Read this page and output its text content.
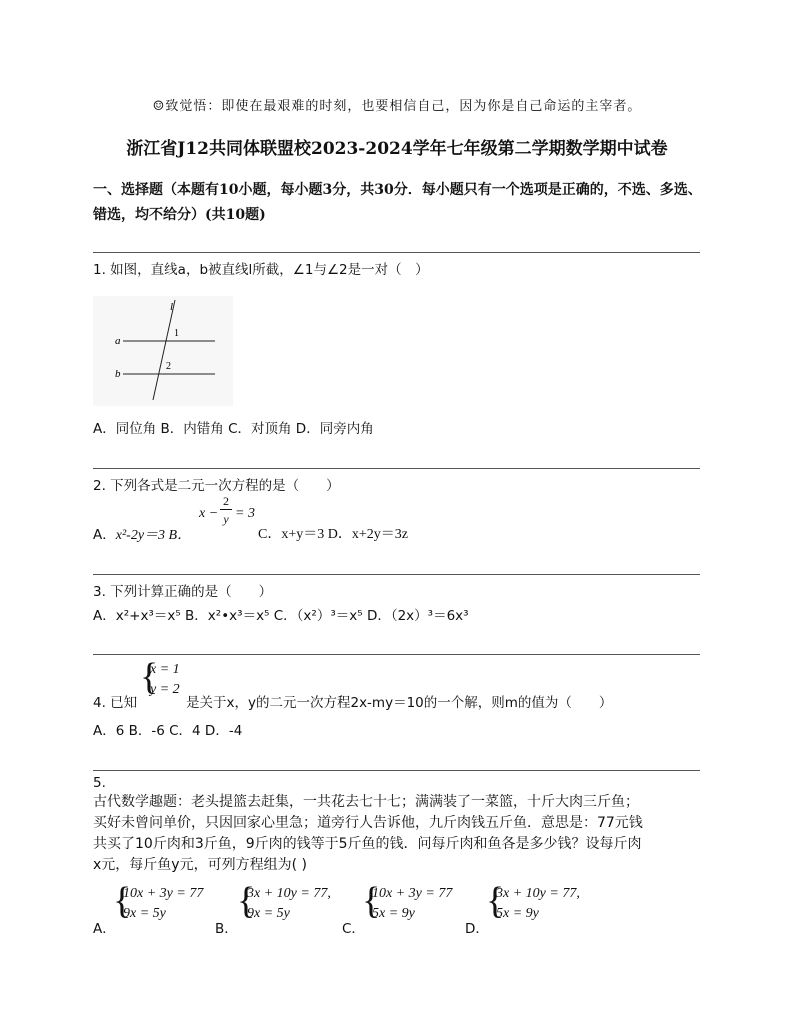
☺致觉悟：即使在最艰难的时刻，也要相信自己，因为你是自己命运的主宰者。
浙江省J12共同体联盟校2023-2024学年七年级第二学期数学期中试卷
一、选择题（本题有10小题，每小题3分，共30分．每小题只有一个选项是正确的，不选、多选、错选，均不给分）(共10题)
1. 如图，直线a，b被直线l所截，∠1与∠2是一对（　）
l
a
b
1
2
A．同位角 B．内错角 C．对顶角 D．同旁内角
2. 下列各式是二元一次方程的是（　　）
A．x²-2y＝3 B．
x −
2
y = 3
C．x+y＝3 D．x+2y＝3z
3. 下列计算正确的是（　　）
A．x²+x³＝x⁵ B．x²•x³＝x⁵ C．（x²）³＝x⁵ D．（2x）³＝6x³
{
x = 1
y = 2
4. 已知	是关于x，y的二元一次方程2x-my＝10的一个解，则m的值为（　　）
A．6 B．-6 C．4 D．-4
5.
古代数学趣题：老头提篮去赶集，一共花去七十七；满满装了一菜篮，十斤大肉三斤鱼；
买好未曾问单价，只因回家心里急；道旁行人告诉他，九斤肉钱五斤鱼．意思是：77元钱
共买了10斤肉和3斤鱼，9斤肉的钱等于5斤鱼的钱．问每斤肉和鱼各是多少钱？设每斤肉
x元，每斤鱼y元，可列方程组为( )
A．
{
10x + 3y = 77
9x = 5y
B．
{
3x + 10y = 77,
9x = 5y
C．
{
10x + 3y = 77
5x = 9y
D．
{
3x + 10y = 77,
5x = 9y
